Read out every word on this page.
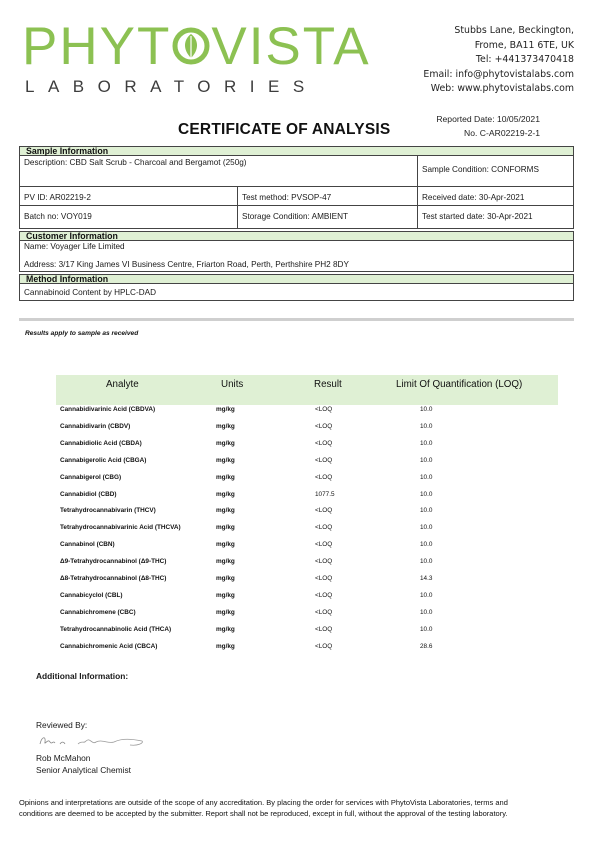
PHYT VISTA
LABORATORIES
Stubbs Lane, Beckington,
Frome, BA11 6TE, UK
Tel: +441373470418
Email: info@phytovistalabs.com
Web: www.phytovistalabs.com
Reported Date: 10/05/2021
No. C-AR02219-2-1
CERTIFICATE OF ANALYSIS
Sample Information
Description: CBD Salt Scrub - Charcoal and Bergamot (250g)
Sample Condition: CONFORMS
PV ID: AR02219-2	Test method: PVSOP-47	Received date: 30-Apr-2021
Batch no: VOY019	Storage Condition: AMBIENT	Test started date: 30-Apr-2021
Customer Information
Name: Voyager Life Limited
Address: 3/17 King James VI Business Centre, Friarton Road, Perth, Perthshire PH2 8DY
Method Information
Cannabinoid Content by HPLC-DAD
Results apply to sample as received
Analyte	Units	Result	Limit Of Quantification (LOQ)
Cannabidivarinic Acid (CBDVA)	mg/kg	<LOQ	10.0
Cannabidivarin (CBDV)	mg/kg	<LOQ	10.0
Cannabidiolic Acid (CBDA)	mg/kg	<LOQ	10.0
Cannabigerolic Acid (CBGA)	mg/kg	<LOQ	10.0
Cannabigerol (CBG)	mg/kg	<LOQ	10.0
Cannabidiol (CBD)	mg/kg	1077.5	10.0
Tetrahydrocannabivarin (THCV)	mg/kg	<LOQ	10.0
Tetrahydrocannabivarinic Acid (THCVA)	mg/kg	<LOQ	10.0
Cannabinol (CBN)	mg/kg	<LOQ	10.0
Δ9-Tetrahydrocannabinol (Δ9-THC)	mg/kg	<LOQ	10.0
Δ8-Tetrahydrocannabinol (Δ8-THC)	mg/kg	<LOQ	14.3
Cannabicyclol (CBL)	mg/kg	<LOQ	10.0
Cannabichromene (CBC)	mg/kg	<LOQ	10.0
Tetrahydrocannabinolic Acid (THCA)	mg/kg	<LOQ	10.0
Cannabichromenic Acid (CBCA)	mg/kg	<LOQ	28.6
Additional Information:
Reviewed By:
Rob McMahon
Senior Analytical Chemist
Opinions and interpretations are outside of the scope of any accreditation. By placing the order for services with PhytoVista Laboratories, terms and conditions are deemed to be accepted by the submitter. Report shall not be reproduced, except in full, without the approval of the testing laboratory.
